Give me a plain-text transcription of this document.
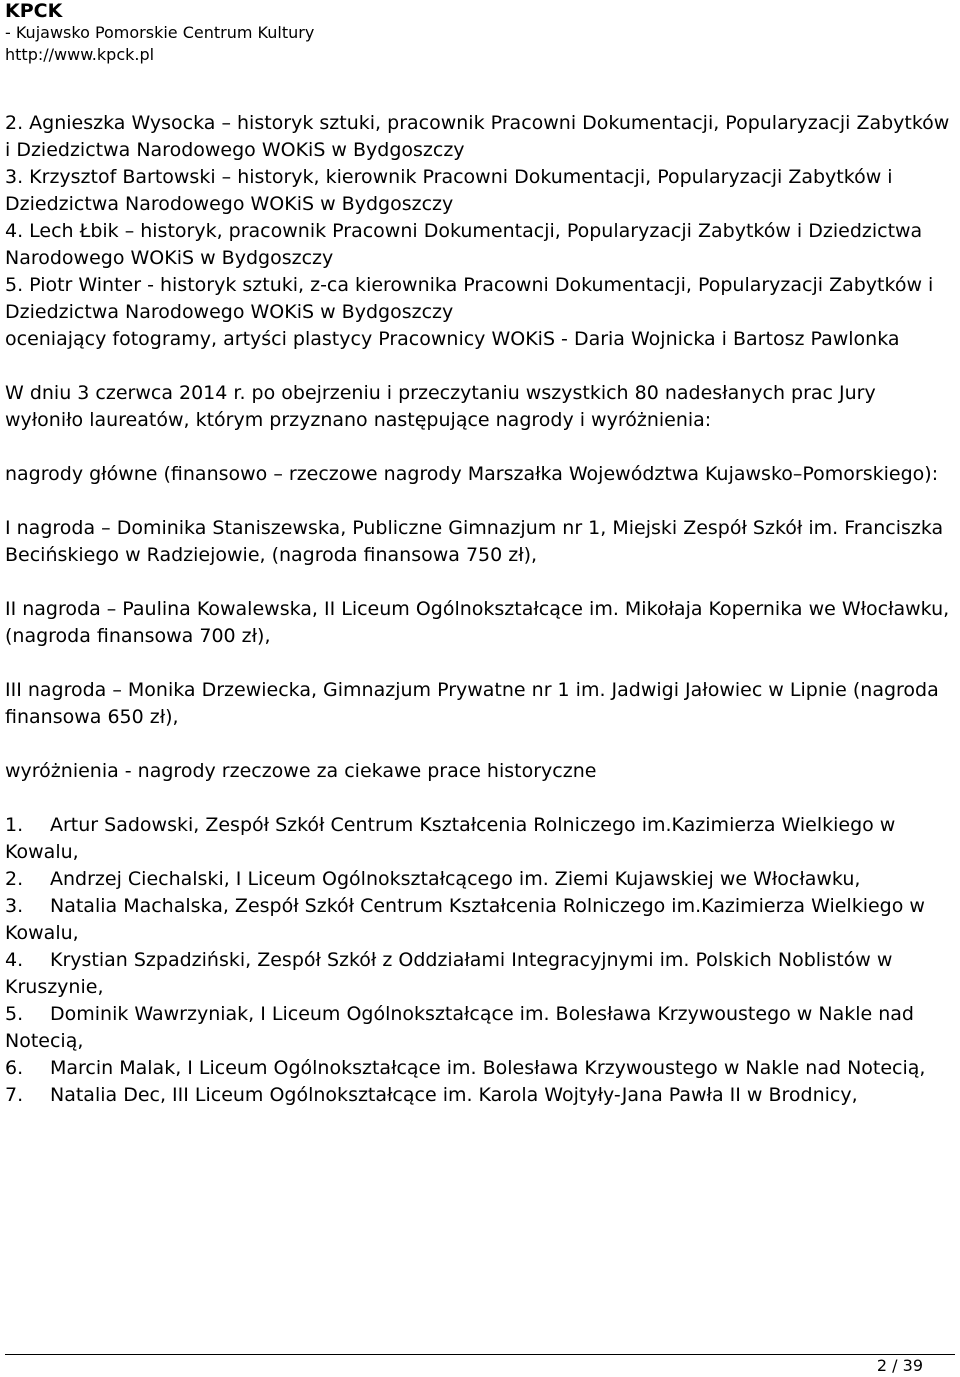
KPCK
- Kujawsko Pomorskie Centrum Kultury
http://www.kpck.pl

2. Agnieszka Wysocka – historyk sztuki, pracownik Pracowni Dokumentacji, Popularyzacji Zabytków i Dziedzictwa Narodowego WOKiS w Bydgoszczy

3. Krzysztof Bartowski – historyk, kierownik Pracowni Dokumentacji, Popularyzacji Zabytków i Dziedzictwa Narodowego WOKiS w Bydgoszczy

4. Lech Łbik – historyk, pracownik Pracowni Dokumentacji, Popularyzacji Zabytków i Dziedzictwa Narodowego WOKiS w Bydgoszczy

5. Piotr Winter - historyk sztuki, z-ca kierownika Pracowni Dokumentacji, Popularyzacji Zabytków i Dziedzictwa Narodowego WOKiS w Bydgoszczy

oceniający fotogramy, artyści plastycy Pracownicy WOKiS - Daria Wojnicka i Bartosz Pawlonka

W dniu 3 czerwca 2014 r. po obejrzeniu i przeczytaniu wszystkich 80 nadesłanych prac Jury wyłoniło laureatów, którym przyznano następujące nagrody i wyróżnienia:

nagrody główne (finansowo – rzeczowe nagrody Marszałka Województwa Kujawsko–Pomorskiego):

I nagroda – Dominika Staniszewska, Publiczne Gimnazjum nr 1, Miejski Zespół Szkół im. Franciszka Becińskiego w Radziejowie, (nagroda finansowa 750 zł),

II nagroda – Paulina Kowalewska, II Liceum Ogólnokształcące im. Mikołaja Kopernika we Włocławku,(nagroda finansowa 700 zł),

III nagroda – Monika Drzewiecka, Gimnazjum Prywatne nr 1 im. Jadwigi Jałowiec w Lipnie (nagroda finansowa 650 zł),

wyróżnienia - nagrody rzeczowe za ciekawe prace historyczne

1. Artur Sadowski, Zespół Szkół Centrum Kształcenia Rolniczego im.Kazimierza Wielkiego w Kowalu,
2. Andrzej Ciechalski, I Liceum Ogólnokształcącego im. Ziemi Kujawskiej we Włocławku,
3. Natalia Machalska, Zespół Szkół Centrum Kształcenia Rolniczego im.Kazimierza Wielkiego w Kowalu,
4. Krystian Szpadziński, Zespół Szkół z Oddziałami Integracyjnymi im. Polskich Noblistów w Kruszynie,
5. Dominik Wawrzyniak, I Liceum Ogólnokształcące im. Bolesława Krzywoustego w Nakle nad Notecią,
6. Marcin Malak, I Liceum Ogólnokształcące im. Bolesława Krzywoustego w Nakle nad Notecią,
7. Natalia Dec, III Liceum Ogólnokształcące im. Karola Wojtyły-Jana Pawła II w Brodnicy,
2 / 39
